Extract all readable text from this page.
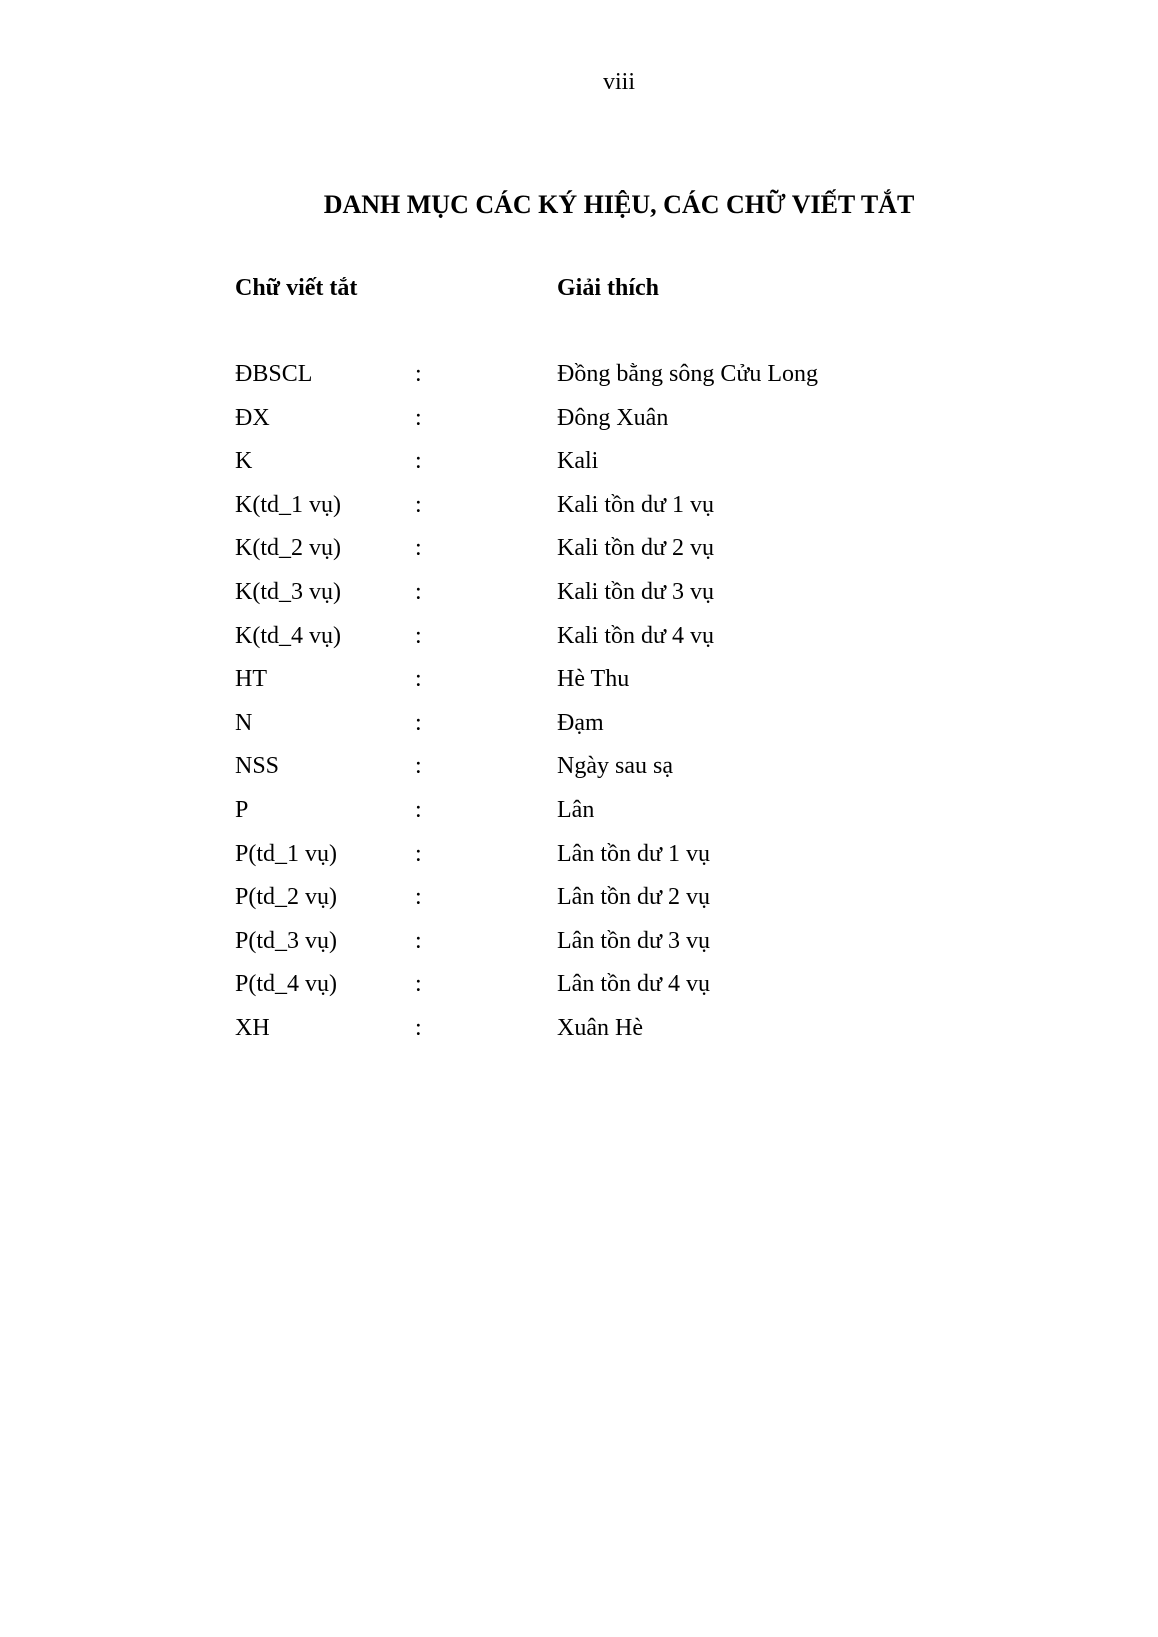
viii
DANH MỤC CÁC KÝ HIỆU, CÁC CHỮ VIẾT TẮT
Chữ viết tắt	Giải thích
ĐBSCL	:	Đồng bằng sông Cửu Long
ĐX	:	Đông Xuân
K	:	Kali
K(td_1 vụ)	:	Kali tồn dư 1 vụ
K(td_2 vụ)	:	Kali tồn dư 2 vụ
K(td_3 vụ)	:	Kali tồn dư 3 vụ
K(td_4 vụ)	:	Kali tồn dư 4 vụ
HT	:	Hè Thu
N	:	Đạm
NSS	:	Ngày sau sạ
P	:	Lân
P(td_1 vụ)	:	Lân tồn dư 1 vụ
P(td_2 vụ)	:	Lân tồn dư 2 vụ
P(td_3 vụ)	:	Lân tồn dư 3 vụ
P(td_4 vụ)	:	Lân tồn dư 4 vụ
XH	:	Xuân Hè
